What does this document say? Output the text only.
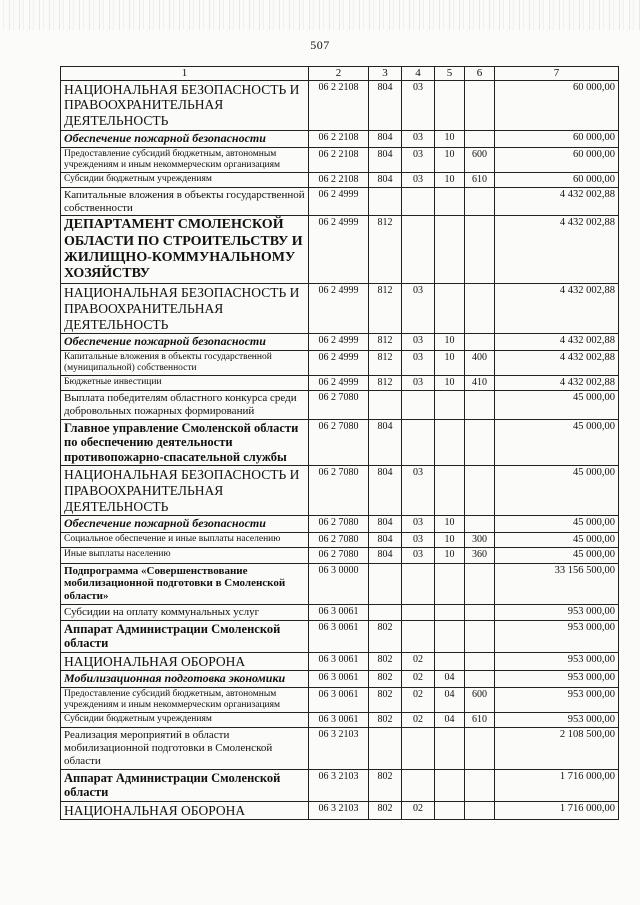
507
1	2	3	4	5	6	7
НАЦИОНАЛЬНАЯ БЕЗОПАСНОСТЬ И ПРАВООХРАНИТЕЛЬНАЯ ДЕЯТЕЛЬНОСТЬ	06 2 2108	804	03			60 000,00
Обеспечение пожарной безопасности	06 2 2108	804	03	10		60 000,00
Предоставление субсидий бюджетным, автономным учреждениям и иным некоммерческим организациям	06 2 2108	804	03	10	600	60 000,00
Субсидии бюджетным учреждениям	06 2 2108	804	03	10	610	60 000,00
Капитальные вложения в объекты государственной собственности	06 2 4999					4 432 002,88
ДЕПАРТАМЕНТ СМОЛЕНСКОЙ ОБЛАСТИ ПО СТРОИТЕЛЬСТВУ И ЖИЛИЩНО-КОММУНАЛЬНОМУ ХОЗЯЙСТВУ	06 2 4999	812				4 432 002,88
НАЦИОНАЛЬНАЯ БЕЗОПАСНОСТЬ И ПРАВООХРАНИТЕЛЬНАЯ ДЕЯТЕЛЬНОСТЬ	06 2 4999	812	03			4 432 002,88
Обеспечение пожарной безопасности	06 2 4999	812	03	10		4 432 002,88
Капитальные вложения в объекты государственной (муниципальной) собственности	06 2 4999	812	03	10	400	4 432 002,88
Бюджетные инвестиции	06 2 4999	812	03	10	410	4 432 002,88
Выплата победителям областного конкурса среди добровольных пожарных формирований	06 2 7080					45 000,00
Главное управление Смоленской области по обеспечению деятельности противопожарно-спасательной службы	06 2 7080	804				45 000,00
НАЦИОНАЛЬНАЯ БЕЗОПАСНОСТЬ И ПРАВООХРАНИТЕЛЬНАЯ ДЕЯТЕЛЬНОСТЬ	06 2 7080	804	03			45 000,00
Обеспечение пожарной безопасности	06 2 7080	804	03	10		45 000,00
Социальное обеспечение и иные выплаты населению	06 2 7080	804	03	10	300	45 000,00
Иные выплаты населению	06 2 7080	804	03	10	360	45 000,00
Подпрограмма «Совершенствование мобилизационной подготовки в Смоленской области»	06 3 0000					33 156 500,00
Субсидии на оплату коммунальных услуг	06 3 0061					953 000,00
Аппарат Администрации Смоленской области	06 3 0061	802				953 000,00
НАЦИОНАЛЬНАЯ ОБОРОНА	06 3 0061	802	02			953 000,00
Мобилизационная подготовка экономики	06 3 0061	802	02	04		953 000,00
Предоставление субсидий бюджетным, автономным учреждениям и иным некоммерческим организациям	06 3 0061	802	02	04	600	953 000,00
Субсидии бюджетным учреждениям	06 3 0061	802	02	04	610	953 000,00
Реализация мероприятий в области мобилизационной подготовки в Смоленской области	06 3 2103					2 108 500,00
Аппарат Администрации Смоленской области	06 3 2103	802				1 716 000,00
НАЦИОНАЛЬНАЯ ОБОРОНА	06 3 2103	802	02			1 716 000,00
